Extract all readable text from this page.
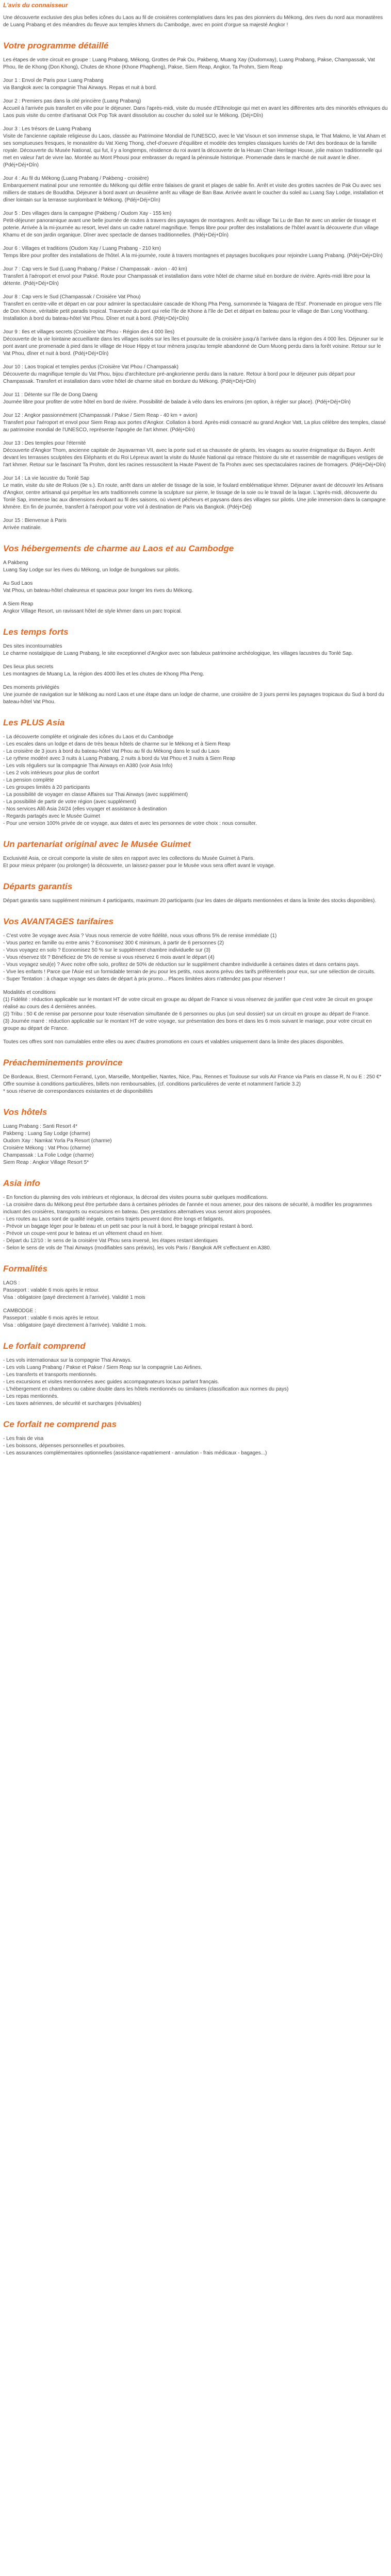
L'avis du connaisseur
Une découverte exclusive des plus belles icônes du Laos au fil de croisières contemplatives dans les pas des pionniers du Mékong, des rives du nord aux monastères de Luang Prabang et des méandres du fleuve aux temples khmers du Cambodge, avec en point d'orgue sa majesté Angkor !
Votre programme détaillé
Les étapes de votre circuit en groupe : Luang Prabang, Mékong, Grottes de Pak Ou, Pakbeng, Muang Xay (Oudomxay), Luang Prabang, Pakse, Champassak, Vat Phou, Ile de Khong (Don Khong), Chutes de Khone (Khone Phapheng), Pakse, Siem Reap, Angkor, Ta Prohm, Siem Reap
Jour 1 : Envol de Paris pour Luang Prabang
via Bangkok avec la compagnie Thai Airways. Repas et nuit à bord.
Jour 2 : Premiers pas dans la cité princière (Luang Prabang)
Accueil à l'arrivée puis transfert en ville pour le déjeuner. Dans l'après-midi, visite du musée d'Ethnologie qui met en avant les différentes arts des minorités ethniques du Laos puis visite du centre d'artisanat Ock Pop Tok avant dissolution au coucher du soleil sur le Mékong. (Déj+Dîn)
Jour 3 : Les trésors de Luang Prabang
Visite de l'ancienne capitale religieuse du Laos, classée au Patrimoine Mondial de l'UNESCO, avec le Vat Visoun et son immense stupa, le That Makmo, le Vat Aham et ses somptueuses fresques, le monastère du Vat Xieng Thong, chef-d'oeuvre d'équilibre et modèle des temples classiques luxriés de l'Art des bordeaux de la famille royale. Découverte du Musée National, qui fut, il y a longtemps, résidence du roi avant la découverte de la Heuan Chan Heritage House, jolie maison traditionnelle qui met en valeur l'art de vivre lao. Montée au Mont Phousi pour embrasser du regard la péninsule historique. Promenade dans le marché de nuit avant le dîner. (Pdéj+Déj+Dîn)
Jour 4 : Au fil du Mékong (Luang Prabang / Pakbeng - croisière)
Embarquement matinal pour une remontée du Mékong qui défile entre falaises de granit et plages de sable fin. Arrêt et visite des grottes sacrées de Pak Ou avec ses milliers de statues de Bouddha. Déjeuner à bord avant un deuxième arrêt au village de Ban Baw. Arrivée avant le coucher du soleil au Luang Say Lodge, installation et dîner lointain sur la terrasse surplombant le Mékong. (Pdéj+Déj+Dîn)
Jour 5 : Des villages dans la campagne (Pakbeng / Oudom Xay - 155 km)
Petit-déjeuner panoramique avant une belle journée de routes à travers des paysages de montagnes. Arrêt au village Tai Lu de Ban Nr avec un atelier de tissage et poterie. Arrivée à la mi-journée au resort, level dans un cadre naturel magnifique. Temps libre pour profiter des installations de l'hôtel avant la découverte d'un village Khamu et de son jardin organique. Dîner avec spectacle de danses traditionnelles. (Pdéj+Déj+Dîn)
Jour 6 : Villages et traditions (Oudom Xay / Luang Prabang - 210 km)
Temps libre pour profiter des installations de l'hôtel. A la mi-journée, route à travers montagnes et paysages bucoliques pour rejoindre Luang Prabang. (Pdéj+Déj+Dîn)
Jour 7 : Cap vers le Sud (Luang Prabang / Pakse / Champassak - avion - 40 km)
Transfert à l'aéroport et envol pour Paksé. Route pour Champassak et installation dans votre hôtel de charme situé en bordure de rivière. Après-midi libre pour la détente. (Pdéj+Déj+Dîn)
Jour 8 : Cap vers le Sud (Champassak / Croisière Vat Phou)
Transfert en centre-ville et départ en car pour admirer la spectaculaire cascade de Khong Pha Peng, surnommée la 'Niagara de l'Est'. Promenade en pirogue vers l'île de Don Khone, véritable petit paradis tropical. Traversée du pont qui relie l'île de Khone à l'île de Det et départ en bateau pour le village de Ban Long Vootthang. Installation à bord du bateau-hôtel Vat Phou. Dîner et nuit à bord. (Pdéj+Déj+Dîn)
Jour 9 : Iles et villages secrets (Croisière Vat Phou - Région des 4 000 îles)
Découverte de la vie lointaine accueillante dans les villages isolés sur les îles et poursuite de la croisière jusqu'à l'arrivée dans la région des 4 000 îles. Déjeuner sur le pont avant une promenade à pied dans le village de Houe Hippy et tour mènera jusqu'au temple abandonné de Oum Muong perdu dans la forêt voisine. Retour sur le Vat Phou, dîner et nuit à bord. (Pdéj+Déj+Dîn)
Jour 10 : Laos tropical et temples perdus (Croisière Vat Phou / Champassak)
Découverte du magnifique temple du Vat Phou, bijou d'architecture pré-angkorienne perdu dans la nature. Retour à bord pour le déjeuner puis départ pour Champassak. Transfert et installation dans votre hôtel de charme situé en bordure du Mékong. (Pdéj+Déj+Dîn)
Jour 11 : Détente sur l'île de Dong Daeng
Journée libre pour profiter de votre hôtel en bord de rivière. Possibilité de balade à vélo dans les environs (en option, à régler sur place). (Pdéj+Déj+Dîn)
Jour 12 : Angkor passionnément (Champassak / Pakse / Siem Reap - 40 km + avion)
Transfert pour l'aéroport et envol pour Siem Reap aux portes d'Angkor. Collation à bord. Après-midi consacré au grand Angkor Vatt, La plus célèbre des temples, classé au patrimoine mondial de l'UNESCO, représente l'apogée de l'art khmer. (Pdéj+Dîn)
Jour 13 : Des temples pour l'éternité
Découverte d'Angkor Thom, ancienne capitale de Jayavarman VII, avec la porte sud et sa chaussée de géants, les visages au sourire énigmatique du Bayon. Arrêt devant les terrasses sculptées des Eléphants et du Roi Lépreux avant la visite du Musée National qui retrace l'histoire du site et rassemble de magnifiques vestiges de l'art khmer. Retour sur le fascinant Ta Prohm, dont les racines ressuscitent la Haute Pavent de Ta Prohm avec ses spectaculaires racines de fromagers. (Pdéj+Déj+Dîn)
Jour 14 : La vie lacustre du Tonlé Sap
Le matin, visite du site de Roluos (9e s.). En route, arrêt dans un atelier de tissage de la soie, le foulard emblématique khmer. Déjeuner avant de découvrir les Artisans d'Angkor, centre artisanal qui perpétue les arts traditionnels comme la sculpture sur pierre, le tissage de la soie ou le travail de la laque. L'après-midi, découverte du Tonlé Sap, immense lac aux dimensions évoluant au fil des saisons, où vivent pêcheurs et paysans dans des villages sur pilotis. Une jolie immersion dans la campagne khmère. En fin de journée, transfert à l'aéroport pour votre vol à destination de Paris via Bangkok. (Pdéj+Déj)
Jour 15 : Bienvenue à Paris
Arrivée matinale.
Vos hébergements de charme au Laos et au Cambodge
A Pakbeng
Luang Say Lodge sur les rives du Mékong, un lodge de bungalows sur pilotis.
Au Sud Laos
Vat Phou, un bateau-hôtel chaleureux et spacieux pour longer les rives du Mékong.
A Siem Reap
Angkor Village Resort, un ravissant hôtel de style khmer dans un parc tropical.
Les temps forts
Des sites incontournables
Le charme nostalgique de Luang Prabang, le site exceptionnel d'Angkor avec son fabuleux patrimoine archéologique, les villages lacustres du Tonlé Sap.
Des lieux plus secrets
Les montagnes de Muang La, la région des 4000 îles et les chutes de Khong Pha Peng.
Des moments privilégiés
Une journée de navigation sur le Mékong au nord Laos et une étape dans un lodge de charme, une croisière de 3 jours permi les paysages tropicaux du Sud à bord du bateau-hôtel Vat Phou.
Les PLUS Asia
- La découverte complète et originale des icônes du Laos et du Cambodge
- Les escales dans un lodge et dans de très beaux hôtels de charme sur le Mékong et à Siem Reap
- La croisière de 3 jours à bord du bateau-hôtel Vat Phou au fil du Mékong dans le sud du Laos
- Le rythme modéré avec 3 nuits à Luang Prabang, 2 nuits à bord du Vat Phou et 3 nuits à Siem Reap
- Les vols réguliers sur la compagnie Thai Airways en A380 (voir Asia Info)
- Les 2 vols intérieurs pour plus de confort
- La pension complète
- Les groupes limités à 20 participants
- La possibilité de voyager en classe Affaires sur Thai Airways (avec supplément)
- La possibilité de partir de votre région (avec supplément)
- Nos services Allô Asia 24/24 (elles voyager et assistance à destination
- Regards partagés avec le Musée Guimet
- Pour une version 100% privée de ce voyage, aux dates et avec les personnes de votre choix : nous consulter.
Un partenariat original avec le Musée Guimet
Exclusivité Asia, ce circuit comporte la visite de sites en rapport avec les collections du Musée Guimet à Paris.
Et pour mieux préparer (ou prolonger) la découverte, un laissez-passer pour le Musée vous sera offert avant le voyage.
Départs garantis
Départ garantis sans supplément minimum 4 participants, maximum 20 participants (sur les dates de départs mentionnées et dans la limite des stocks disponibles).
Vos AVANTAGES tarifaires
- C'est votre 3e voyage avec Asia ? Vous nous remercie de votre fidélité, nous vous offrons 5% de remise immédiate (1)
- Vous partez en famille ou entre amis ? Economisez 300 € minimum, à partir de 6 personnes (2)
- Vous voyagez en solo ? Economisez 50 % sur le supplément chambre individuelle sur (3)
- Vous réservez tôt ? Bénéficiez de 5% de remise si vous réservez 6 mois avant le départ (4)
- Vous voyagez seul(e) ? Avec notre offre solo, profitez de 50% de réduction sur le supplément chambre individuelle à certaines dates et dans certains pays.
- Vive les enfants ! Parce que l'Asie est un formidable terrain de jeu pour les petits, nous avons prévu des tarifs préférentiels pour eux, sur une sélection de circuits.
- Super Tentation : à chaque voyage ses dates de départ à prix promo... Places limitées alors n'attendez pas pour réserver !
Modalités et conditions
(1) Fidélité : réduction applicable sur le montant HT de votre circuit en groupe au départ de France si vous réservez de justifier que c'est votre 3e circuit en groupe réalisé au cours des 4 dernières années.
(2) Tribu : 50 € de remise par personne pour toute réservation simultanée de 6 personnes ou plus (un seul dossier) sur un circuit en groupe au départ de France.
(3) Journée marré : réduction applicable sur le montant HT de votre voyage, sur présentation des bons et dans les 6 mois suivant le mariage, pour votre circuit en groupe au départ de France.
Toutes ces offres sont non cumulables entre elles ou avec d'autres promotions en cours et valables uniquement dans la limite des places disponibles.
Préacheminements province
De Bordeaux, Brest, Clermont-Ferrand, Lyon, Marseille, Montpellier, Nantes, Nice, Pau, Rennes et Toulouse sur vols Air France via Paris en classe R, N ou E : 250 €*
Offre soumise à conditions particulières, billets non remboursables, (cf. conditions particulières de vente et notamment l'article 3.2)
* sous réserve de correspondances existantes et de disponibilités
Vos hôtels
Luang Prabang : Santi Resort 4*
Pakbeng : Luang Say Lodge (charme)
Oudom Xay : Namkat Yorla Pa Resort (charme)
Croisière Mékong : Vat Phou (charme)
Champassak : La Folie Lodge (charme)
Siem Reap : Angkor Village Resort 5*
Asia info
- En fonction du planning des vols intérieurs et régionaux, la décroal des visites pourra subir quelques modifications.
- La croisière dans du Mékong peut être perturbée dans à certaines périodes de l'année et nous amener, pour des raisons de sécurité, à modifier les programmes incluant des croisières, transports ou excursions en bateau. Des prestations alternatives vous seront alors proposées.
- Les routes au Laos sont de qualité inégale, certains trajets peuvent donc être longs et fatigants.
- Prévoir un bagage léger pour le bateau et un petit sac pour la nuit à bord, le bagage principal restant à bord.
- Prévoir un coupe-vent pour le bateau et un vêtement chaud en hiver.
- Départ du 12/10 : le sens de la croisière Vat Phou sera inversé, les étapes restant identiques
- Selon le sens de vols de Thaï Airways (modifiables sans préavis), les vols Paris / Bangkok A/R s'effectuent en A380.
Formalités
LAOS :
Passeport : valable 6 mois après le retour.
Visa : obligatoire (payé directement à l'arrivée). Validité 1 mois
CAMBODGE :
Passeport : valable 6 mois après le retour.
Visa : obligatoire (payé directement à l'arrivée). Validité 1 mois.
Le forfait comprend
- Les vols internationaux sur la compagnie Thai Airways.
- Les vols Luang Prabang / Pakse et Pakse / Siem Reap sur la compagnie Lao Airlines.
- Les transferts et transports mentionnés.
- Les excursions et visites mentionnées avec guides accompagnateurs locaux parlant français.
- L'hébergement en chambres ou cabine double dans les hôtels mentionnés ou similaires (classification aux normes du pays)
- Les repas mentionnés.
- Les taxes aériennes, de sécurité et surcharges (révisables)
Ce forfait ne comprend pas
- Les frais de visa
- Les boissons, dépenses personnelles et pourboires.
- Les assurances complémentaires optionnelles (assistance-rapatriement - annulation - frais médicaux - bagages...)
